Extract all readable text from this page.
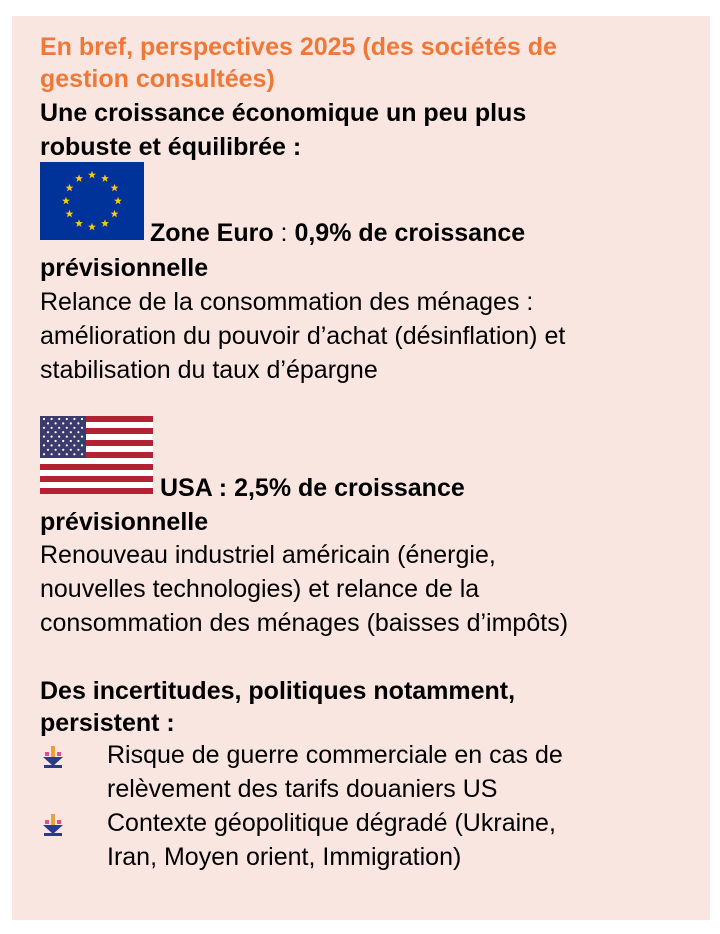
En bref, perspectives 2025 (des sociétés de
gestion consultées)
Une croissance économique un peu plus
robuste et équilibrée :
Zone Euro : 0,9% de croissance
prévisionnelle
Relance de la consommation des ménages :
amélioration du pouvoir d’achat (désinflation) et
stabilisation du taux d’épargne
USA : 2,5% de croissance
prévisionnelle
Renouveau industriel américain (énergie,
nouvelles technologies) et relance de la
consommation des ménages (baisses d’impôts)
Des incertitudes, politiques notamment,
persistent :
Risque de guerre commerciale en cas de
relèvement des tarifs douaniers US
Contexte géopolitique dégradé (Ukraine,
Iran, Moyen orient, Immigration)
